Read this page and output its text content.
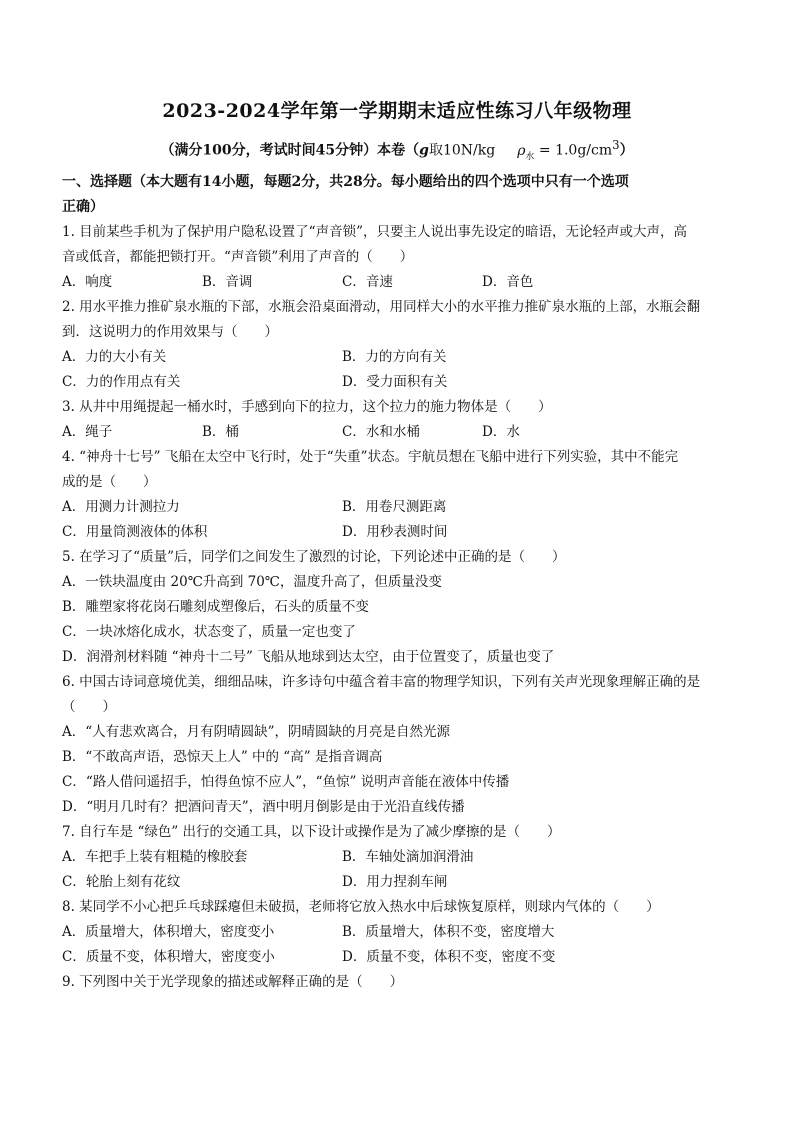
2023-2024学年第一学期期末适应性练习八年级物理
（满分100分，考试时间45分钟）本卷（g取10N/kg $\rho_水 = 1.0g/cm^3$）
一、选择题（本大题有14小题，每题2分，共28分。每小题给出的四个选项中只有一个选项
正确）
1. 目前某些手机为了保护用户隐私设置了“声音锁”，只要主人说出事先设定的暗语，无论轻声或大声，高
音或低音，都能把锁打开。“声音锁”利用了声音的（　　）
A．响度	B．音调	C．音速	D．音色
2. 用水平推力推矿泉水瓶的下部，水瓶会沿桌面滑动，用同样大小的水平推力推矿泉水瓶的上部，水瓶会翻
到．这说明力的作用效果与（　　）
A．力的大小有关	B．力的方向有关
C．力的作用点有关	D．受力面积有关
3. 从井中用绳提起一桶水时，手感到向下的拉力，这个拉力的施力物体是（　　）
A．绳子	B．桶	C．水和水桶	D．水
4. “神舟十七号” 飞船在太空中飞行时，处于“失重”状态。宇航员想在飞船中进行下列实验，其中不能完
成的是（　　）
A．用测力计测拉力	B．用卷尺测距离
C．用量筒测液体的体积	D．用秒表测时间
5. 在学习了“质量”后，同学们之间发生了激烈的讨论，下列论述中正确的是（　　）
A．一铁块温度由 20℃升高到 70℃，温度升高了，但质量没变
B．雕塑家将花岗石雕刻成塑像后，石头的质量不变
C．一块冰熔化成水，状态变了，质量一定也变了
D．润滑剂材料随 “神舟十二号” 飞船从地球到达太空，由于位置变了，质量也变了
6. 中国古诗词意境优美，细细品味，许多诗句中蕴含着丰富的物理学知识，下列有关声光现象理解正确的是
（　　）
A．“人有悲欢离合，月有阴晴圆缺”，阴晴圆缺的月亮是自然光源
B．“不敢高声语，恐惊天上人” 中的 “高” 是指音调高
C．“路人借问遥招手，怕得鱼惊不应人”，“鱼惊” 说明声音能在液体中传播
D．“明月几时有？把酒问青天”，酒中明月倒影是由于光沿直线传播
7. 自行车是 “绿色” 出行的交通工具，以下设计或操作是为了减少摩擦的是（　　）
A．车把手上装有粗糙的橡胶套	B．车轴处滴加润滑油
C．轮胎上刻有花纹	D．用力捏刹车闸
8. 某同学不小心把乒乓球踩瘪但未破损，老师将它放入热水中后球恢复原样，则球内气体的（　　）
A．质量增大，体积增大，密度变小	B．质量增大，体积不变，密度增大
C．质量不变，体积增大，密度变小	D．质量不变，体积不变，密度不变
9. 下列图中关于光学现象的描述或解释正确的是（　　）
